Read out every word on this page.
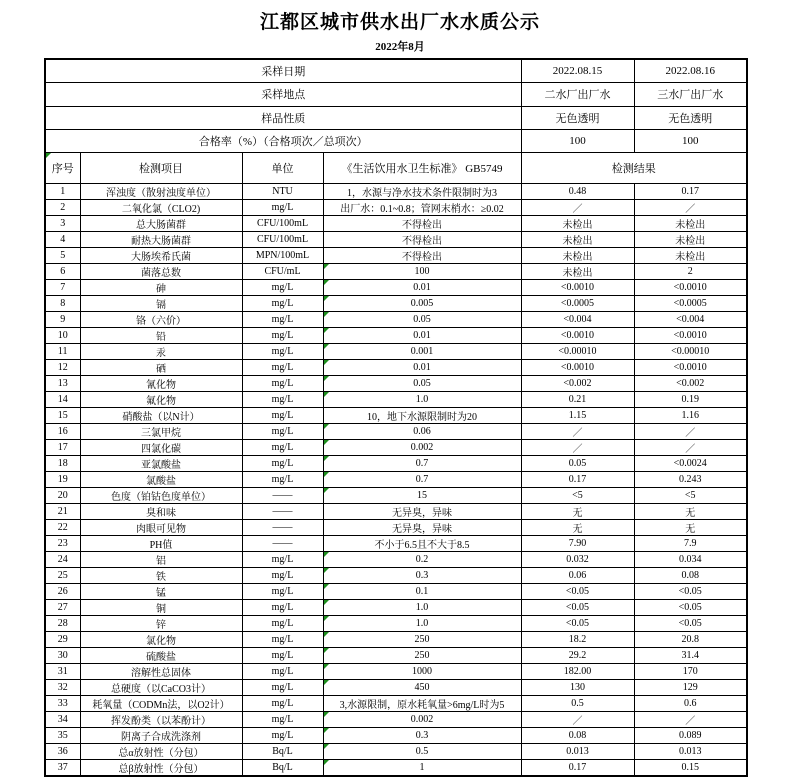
江都区城市供水出厂水水质公示
2022年8月
采样日期				2022.08.15	2022.08.16
采样地点				二水厂出厂水	三水厂出厂水
样品性质				无色透明	无色透明
合格率（%）（合格项次／总项次）				100	100

序号	检测项目	单位	《生活饮用水卫生标准》 GB5749	检测结果	
1	浑浊度（散射浊度单位）	NTU	1，水源与净水技术条件限制时为3	0.48	0.17
2	二氧化氯（CLO2)	mg/L	出厂水：0.1~0.8；管网末梢水：≥0.02	／	／
3	总大肠菌群	CFU/100mL	不得检出	未检出	未检出
4	耐热大肠菌群	CFU/100mL	不得检出	未检出	未检出
5	大肠埃希氏菌	MPN/100mL	不得检出	未检出	未检出
6	菌落总数	CFU/mL	100	未检出	2
7	砷	mg/L	0.01	<0.0010	<0.0010
8	镉	mg/L	0.005	<0.0005	<0.0005
9	铬（六价）	mg/L	0.05	<0.004	<0.004
10	铅	mg/L	0.01	<0.0010	<0.0010
11	汞	mg/L	0.001	<0.00010	<0.00010
12	硒	mg/L	0.01	<0.0010	<0.0010
13	氰化物	mg/L	0.05	<0.002	<0.002
14	氟化物	mg/L	1.0	0.21	0.19
15	硝酸盐（以N计）	mg/L	10，地下水源限制时为20	1.15	1.16
16	三氯甲烷	mg/L	0.06	／	／
17	四氯化碳	mg/L	0.002	／	／
18	亚氯酸盐	mg/L	0.7	0.05	<0.0024
19	氯酸盐	mg/L	0.7	0.17	0.243
20	色度（铂钴色度单位）	——	15	<5	<5
21	臭和味	——	无异臭，异味	无	无
22	肉眼可见物	——	无异臭，异味	无	无
23	PH值	——	不小于6.5且不大于8.5	7.90	7.9
24	铝	mg/L	0.2	0.032	0.034
25	铁	mg/L	0.3	0.06	0.08
26	锰	mg/L	0.1	<0.05	<0.05
27	铜	mg/L	1.0	<0.05	<0.05
28	锌	mg/L	1.0	<0.05	<0.05
29	氯化物	mg/L	250	18.2	20.8
30	硫酸盐	mg/L	250	29.2	31.4
31	溶解性总固体	mg/L	1000	182.00	170
32	总硬度（以CaCO3计）	mg/L	450	130	129
33	耗氧量（CODMn法，以O2计）	mg/L	3,水源限制，原水耗氧量>6mg/L时为5	0.5	0.6
34	挥发酚类（以苯酚计）	mg/L	0.002	／	／
35	阴离子合成洗涤剂	mg/L	0.3	0.08	0.089
36	总α放射性（分包）	Bq/L	0.5	0.013	0.013
37	总β放射性（分包）	Bq/L	1	0.17	0.15
